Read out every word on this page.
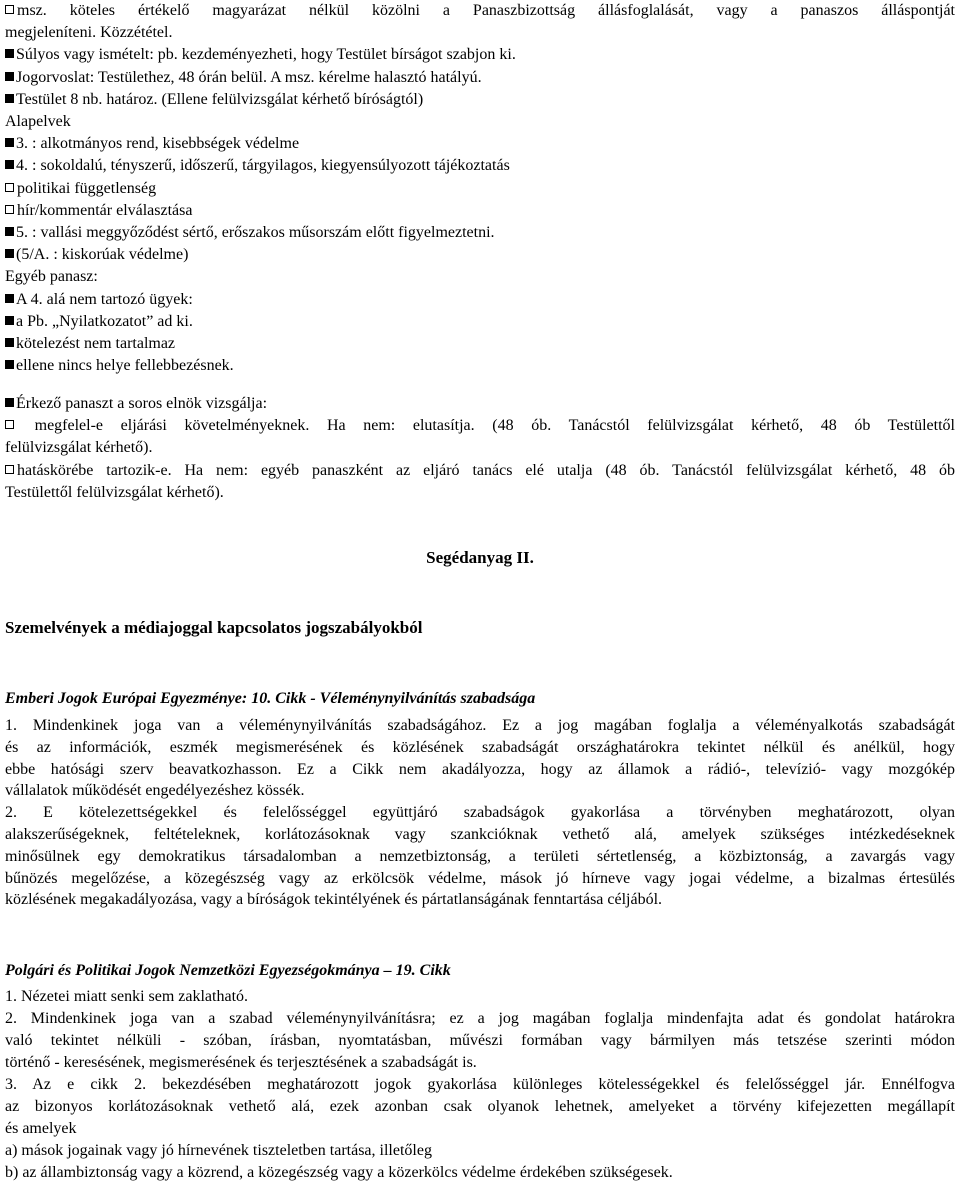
msz. köteles értékelő magyarázat nélkül közölni a Panaszbizottság állásfoglalását, vagy a panaszos álláspontját
megjeleníteni. Közzététel.
Súlyos vagy ismételt: pb. kezdeményezheti, hogy Testület bírságot szabjon ki.
Jogorvoslat: Testülethez, 48 órán belül. A msz. kérelme halasztó hatályú.
Testület 8 nb. határoz. (Ellene felülvizsgálat kérhető bíróságtól)
Alapelvek
3. : alkotmányos rend, kisebbségek védelme
4. : sokoldalú, tényszerű, időszerű, tárgyilagos, kiegyensúlyozott tájékoztatás
politikai függetlenség
hír/kommentár elválasztása
5. : vallási meggyőződést sértő, erőszakos műsorszám előtt figyelmeztetni.
(5/A. : kiskorúak védelme)
Egyéb panasz:
A 4. alá nem tartozó ügyek:
a Pb. „Nyilatkozatot” ad ki.
kötelezést nem tartalmaz
ellene nincs helye fellebbezésnek.
Érkező panaszt a soros elnök vizsgálja:
megfelel-e eljárási követelményeknek. Ha nem: elutasítja. (48 ób. Tanácstól felülvizsgálat kérhető, 48 ób Testülettől
felülvizsgálat kérhető).
hatáskörébe tartozik-e. Ha nem: egyéb panaszként az eljáró tanács elé utalja (48 ób. Tanácstól felülvizsgálat kérhető, 48 ób
Testülettől felülvizsgálat kérhető).
Segédanyag II.
Szemelvények a médiajoggal kapcsolatos jogszabályokból
Emberi Jogok Európai Egyezménye: 10. Cikk - Véleménynyilvánítás szabadsága
1. Mindenkinek joga van a véleménynyilvánítás szabadságához. Ez a jog magában foglalja a véleményalkotás szabadságát
és az információk, eszmék megismerésének és közlésének szabadságát országhatárokra tekintet nélkül és anélkül, hogy
ebbe hatósági szerv beavatkozhasson. Ez a Cikk nem akadályozza, hogy az államok a rádió-, televízió- vagy mozgókép
vállalatok működését engedélyezéshez kössék.
2. E kötelezettségekkel és felelősséggel együttjáró szabadságok gyakorlása a törvényben meghatározott, olyan
alakszerűségeknek, feltételeknek, korlátozásoknak vagy szankcióknak vethető alá, amelyek szükséges intézkedéseknek
minősülnek egy demokratikus társadalomban a nemzetbiztonság, a területi sértetlenség, a közbiztonság, a zavargás vagy
bűnözés megelőzése, a közegészség vagy az erkölcsök védelme, mások jó hírneve vagy jogai védelme, a bizalmas értesülés
közlésének megakadályozása, vagy a bíróságok tekintélyének és pártatlanságának fenntartása céljából.
Polgári és Politikai Jogok Nemzetközi Egyezségokmánya – 19. Cikk
1. Nézetei miatt senki sem zaklatható.
2. Mindenkinek joga van a szabad véleménynyilvánításra; ez a jog magában foglalja mindenfajta adat és gondolat határokra
való tekintet nélküli - szóban, írásban, nyomtatásban, művészi formában vagy bármilyen más tetszése szerinti módon
történő - keresésének, megismerésének és terjesztésének a szabadságát is.
3. Az e cikk 2. bekezdésében meghatározott jogok gyakorlása különleges kötelességekkel és felelősséggel jár. Ennélfogva
az bizonyos korlátozásoknak vethető alá, ezek azonban csak olyanok lehetnek, amelyeket a törvény kifejezetten megállapít
és amelyek
a) mások jogainak vagy jó hírnevének tiszteletben tartása, illetőleg
b) az állambiztonság vagy a közrend, a közegészség vagy a közerkölcs védelme érdekében szükségesek.
